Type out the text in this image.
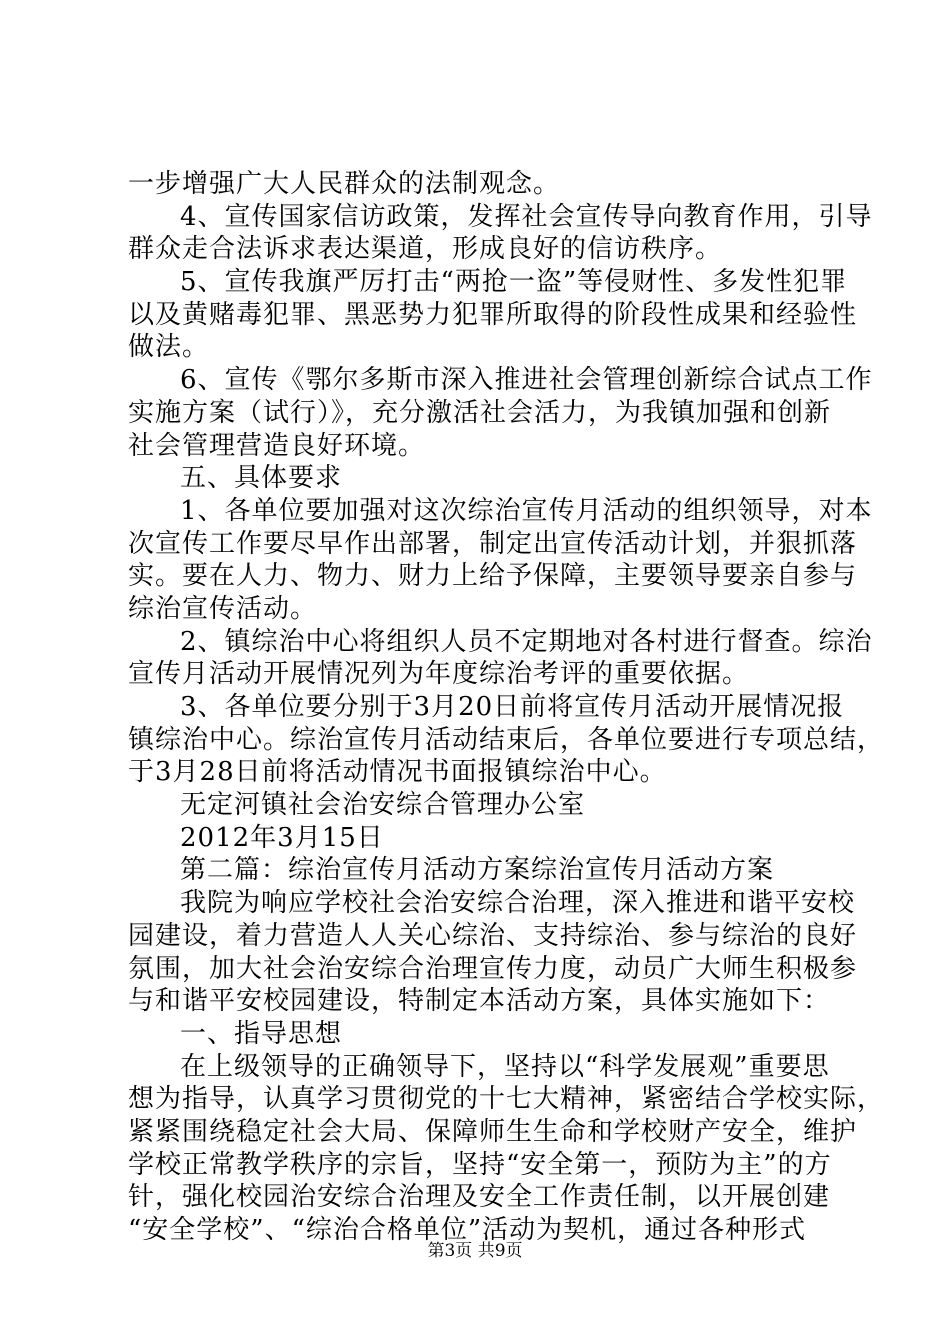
一步增强广大人民群众的法制观念。
4、宣传国家信访政策，发挥社会宣传导向教育作用，引导
群众走合法诉求表达渠道，形成良好的信访秩序。
5、宣传我旗严厉打击“两抢一盗”等侵财性、多发性犯罪
以及黄赌毒犯罪、黑恶势力犯罪所取得的阶段性成果和经验性
做法。
6、宣传《鄂尔多斯市深入推进社会管理创新综合试点工作
实施方案（试行）》，充分激活社会活力，为我镇加强和创新
社会管理营造良好环境。
五、具体要求
1、各单位要加强对这次综治宣传月活动的组织领导，对本
次宣传工作要尽早作出部署，制定出宣传活动计划，并狠抓落
实。要在人力、物力、财力上给予保障，主要领导要亲自参与
综治宣传活动。
2、镇综治中心将组织人员不定期地对各村进行督查。综治
宣传月活动开展情况列为年度综治考评的重要依据。
3、各单位要分别于3月20日前将宣传月活动开展情况报
镇综治中心。综治宣传月活动结束后，各单位要进行专项总结，
于3月28日前将活动情况书面报镇综治中心。
无定河镇社会治安综合管理办公室
2012年3月15日
第二篇：综治宣传月活动方案综治宣传月活动方案
我院为响应学校社会治安综合治理，深入推进和谐平安校
园建设，着力营造人人关心综治、支持综治、参与综治的良好
氛围，加大社会治安综合治理宣传力度，动员广大师生积极参
与和谐平安校园建设，特制定本活动方案，具体实施如下：
一、指导思想
在上级领导的正确领导下，坚持以“科学发展观”重要思
想为指导，认真学习贯彻党的十七大精神，紧密结合学校实际，
紧紧围绕稳定社会大局、保障师生生命和学校财产安全，维护
学校正常教学秩序的宗旨，坚持“安全第一，预防为主”的方
针，强化校园治安综合治理及安全工作责任制，以开展创建
“安全学校”、“综治合格单位”活动为契机，通过各种形式
第3页 共9页
